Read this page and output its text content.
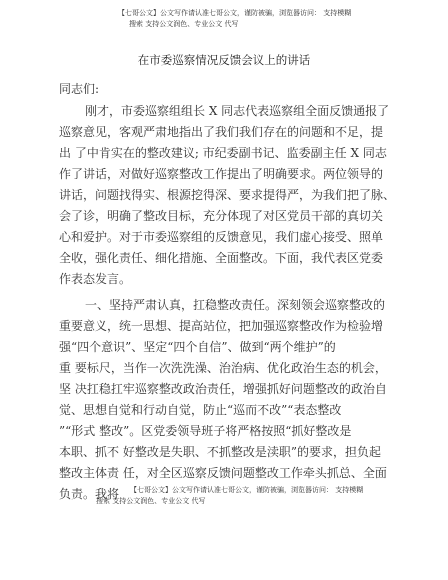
【七哥公文】公文写作请认准七哥公文，谨防被骗，浏览器访问： 支持模糊
搜索 支持公文润色、专业公文 代写
在市委巡察情况反馈会议上的讲话
同志们:
刚才，市委巡察组组长 X 同志代表巡察组全面反馈通报了
巡察意见，客观严肃地指出了我们我们存在的问题和不足，提
出 了中肯实在的整改建议; 市纪委副书记、监委副主任 X 同志
作了讲话，对做好巡察整改工作提出了明确要求。两位领导的
讲话，问题找得实、根源挖得深、要求提得严，为我们把了脉、
会了诊，明确了整改目标，充分体现了对区党员干部的真切关
心和爱护。对于市委巡察组的反馈意见，我们虚心接受、照单
全收，强化责任、细化措施、全面整改。下面，我代表区党委
作表态发言。
一、坚持严肃认真，扛稳整改责任。深刻领会巡察整改的
重要意义，统一思想、提高站位，把加强巡察整改作为检验增
强“四个意识”、坚定“四个自信”、做到“两个维护”的
重 要标尺，当作一次洗洗澡、治治病、优化政治生态的机会，
坚 决扛稳扛牢巡察整改政治责任，增强抓好问题整改的政治自
觉、思想自觉和行动自觉，防止“巡而不改”“表态整改
”“形式 整改”。区党委领导班子将严格按照“抓好整改是
本职、抓不 好整改是失职、不抓整改是渎职”的要求，担负起
整改主体责 任，对全区巡察反馈问题整改工作牵头抓总、全面
负责。我将 【七哥公文】公文写作请认准七哥公文，谨防被骗，浏览器访问： 支持模糊
搜索 支持公文润色、专业公文 代写
